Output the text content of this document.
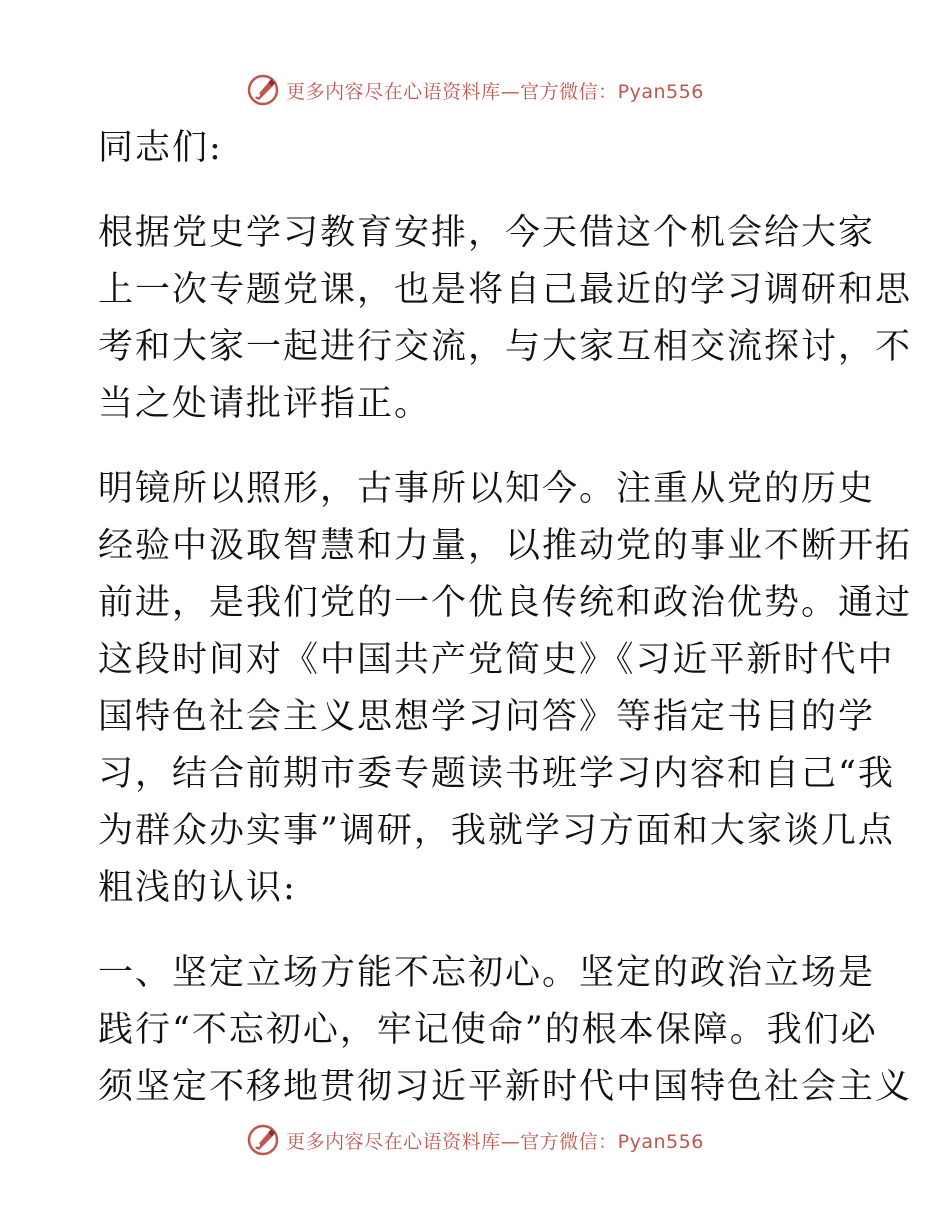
更多内容尽在心语资料库—官方微信：Pyan556

同志们:

根据党史学习教育安排，今天借这个机会给大家
上一次专题党课，也是将自己最近的学习调研和思
考和大家一起进行交流，与大家互相交流探讨，不
当之处请批评指正。

明镜所以照形，古事所以知今。注重从党的历史
经验中汲取智慧和力量，以推动党的事业不断开拓
前进，是我们党的一个优良传统和政治优势。通过
这段时间对《中国共产党简史》《习近平新时代中
国特色社会主义思想学习问答》等指定书目的学
习，结合前期市委专题读书班学习内容和自己“我
为群众办实事”调研，我就学习方面和大家谈几点
粗浅的认识:

一、坚定立场方能不忘初心。坚定的政治立场是
践行“不忘初心，牢记使命”的根本保障。我们必
须坚定不移地贯彻习近平新时代中国特色社会主义

更多内容尽在心语资料库—官方微信：Pyan556
